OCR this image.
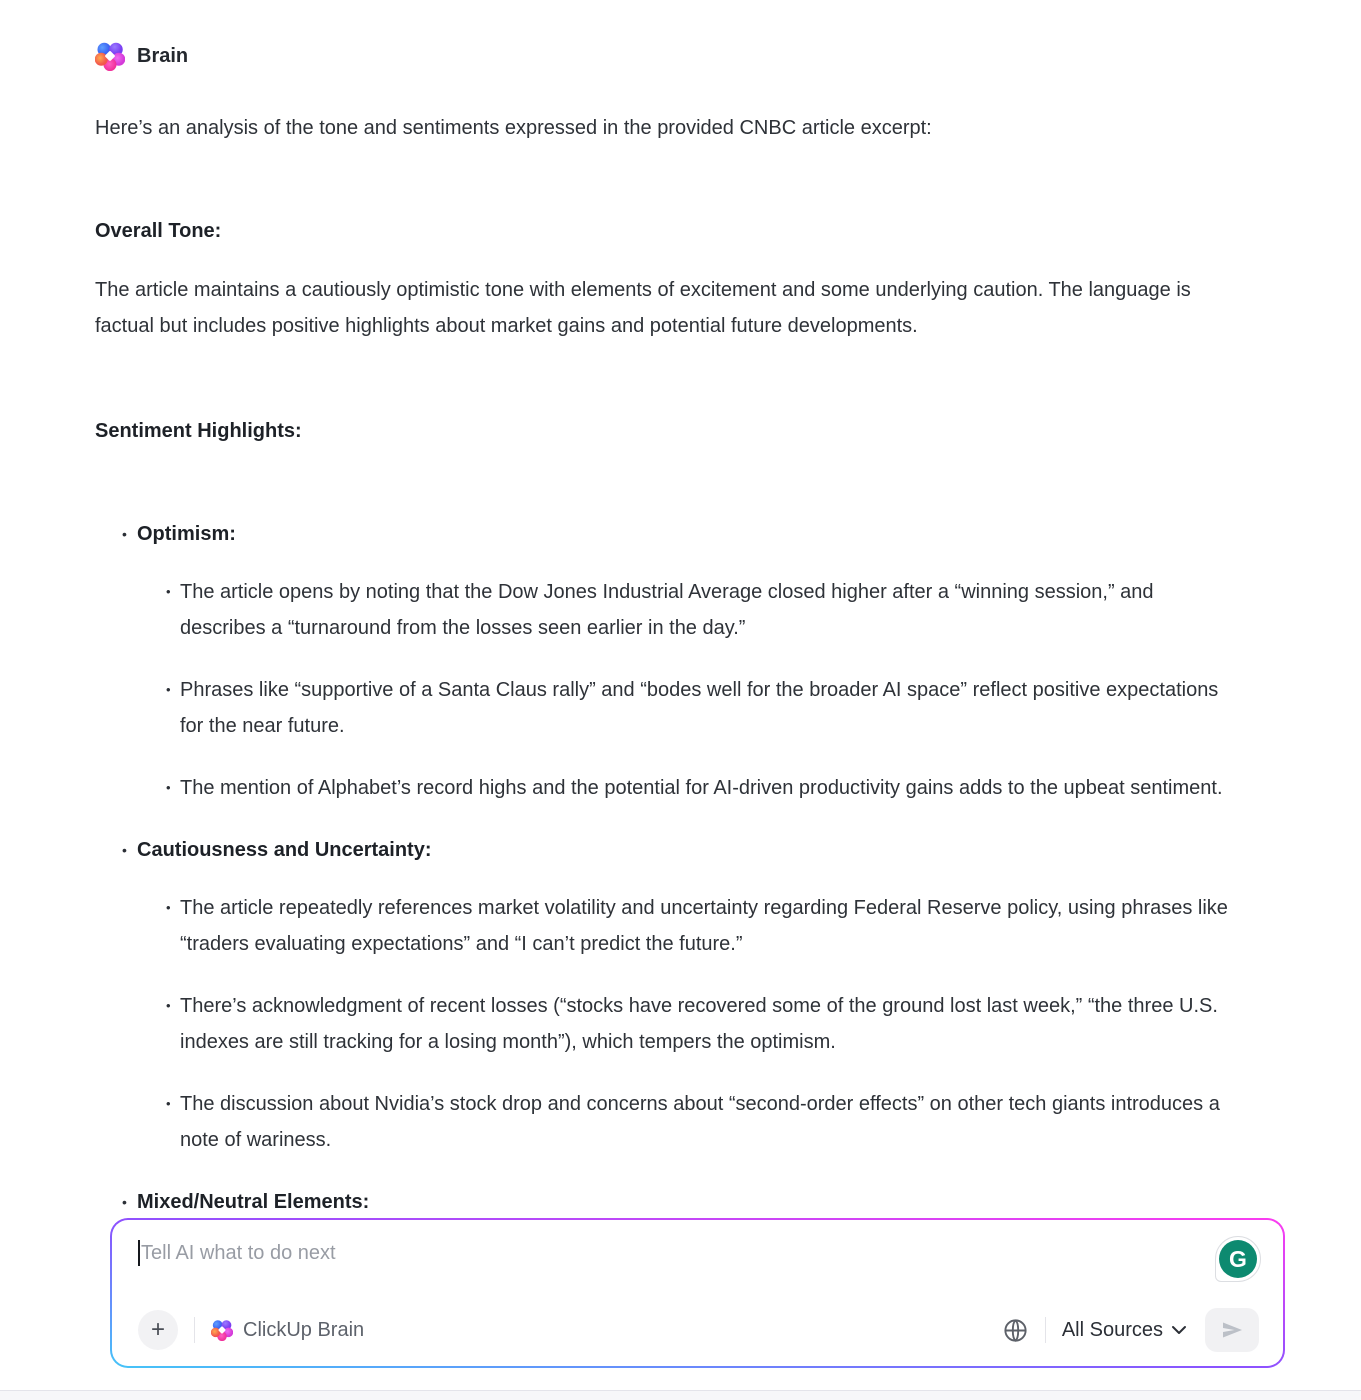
Brain
Here’s an analysis of the tone and sentiments expressed in the provided CNBC article excerpt:
Overall Tone:
The article maintains a cautiously optimistic tone with elements of excitement and some underlying caution. The language is factual but includes positive highlights about market gains and potential future developments.
Sentiment Highlights:
• Optimism:
• The article opens by noting that the Dow Jones Industrial Average closed higher after a “winning session,” and describes a “turnaround from the losses seen earlier in the day.”
• Phrases like “supportive of a Santa Claus rally” and “bodes well for the broader AI space” reflect positive expectations for the near future.
• The mention of Alphabet’s record highs and the potential for AI-driven productivity gains adds to the upbeat sentiment.
• Cautiousness and Uncertainty:
• The article repeatedly references market volatility and uncertainty regarding Federal Reserve policy, using phrases like “traders evaluating expectations” and “I can’t predict the future.”
• There’s acknowledgment of recent losses (“stocks have recovered some of the ground lost last week,” “the three U.S. indexes are still tracking for a losing month”), which tempers the optimism.
• The discussion about Nvidia’s stock drop and concerns about “second-order effects” on other tech giants introduces a note of wariness.
• Mixed/Neutral Elements:
Tell AI what to do next	G
+	ClickUp Brain	All Sources
